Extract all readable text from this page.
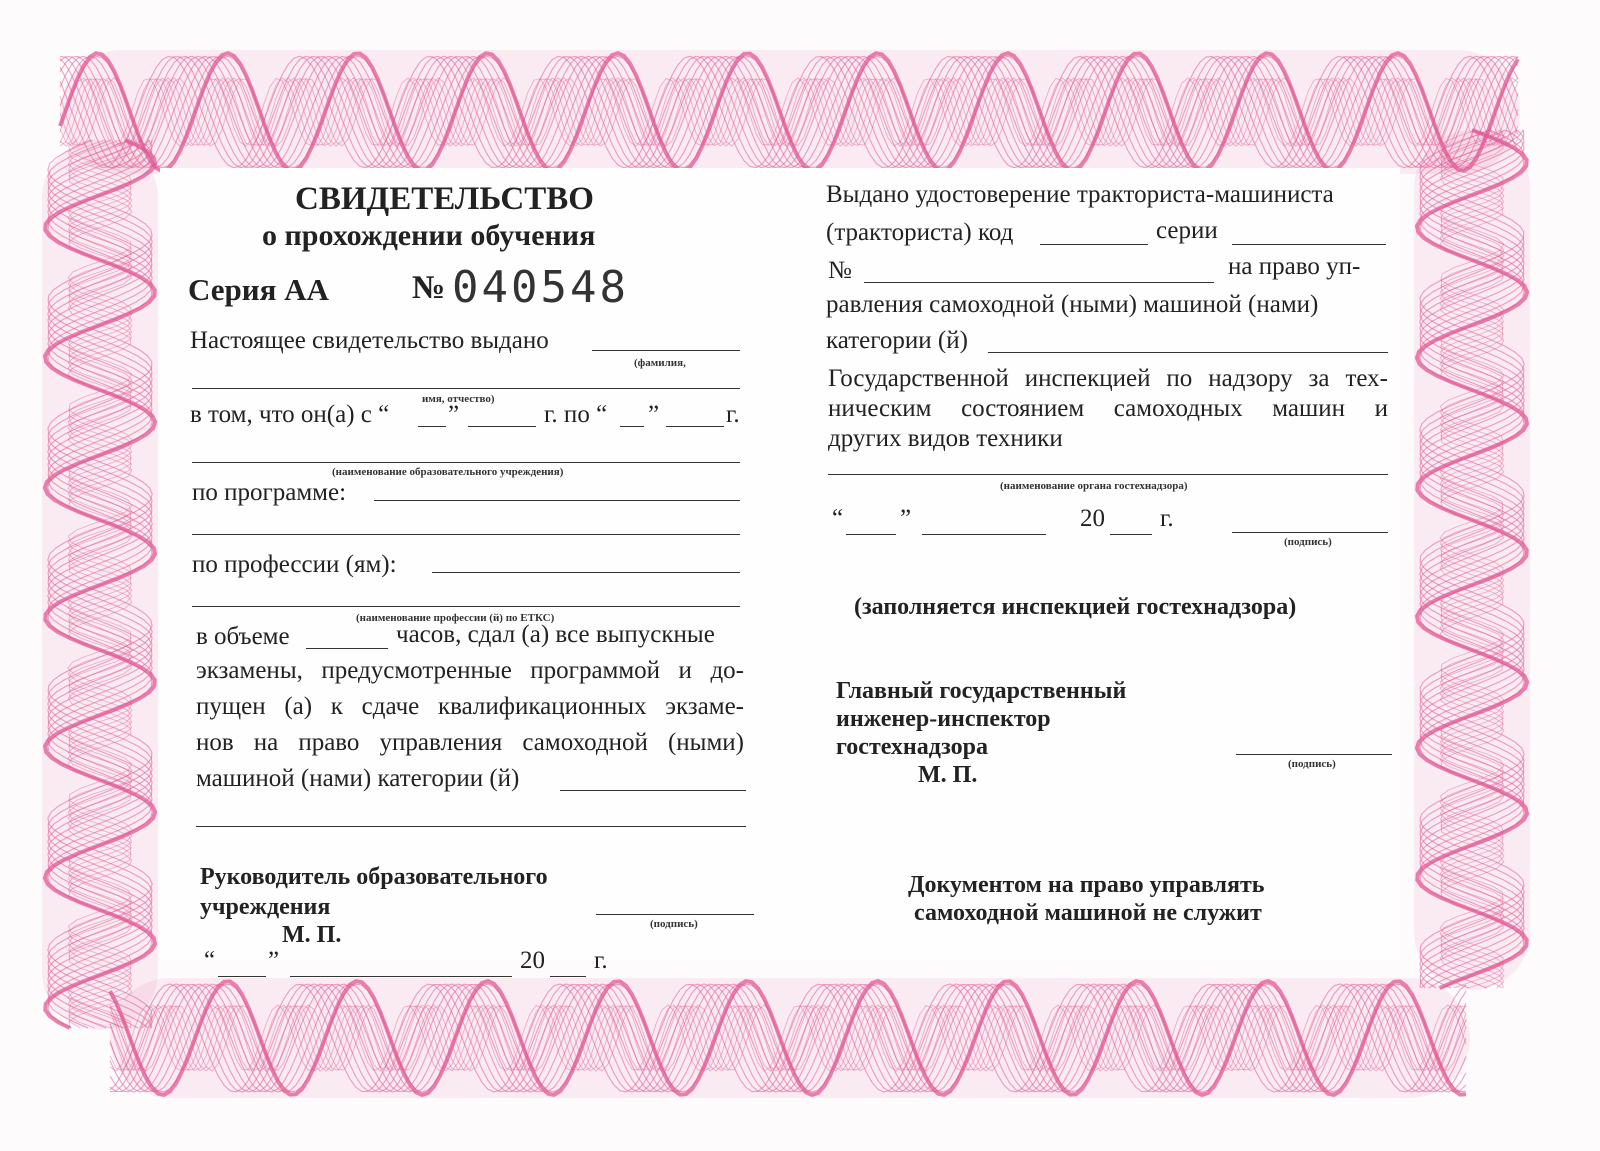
СВИДЕТЕЛЬСТВО
о прохождении обучения
Серия АА	№ 040548
Настоящее свидетельство выдано
(фамилия,
имя, отчество)
в том, что он(а) с “ ”	г. по “ ”	г.
(наименование образовательного учреждения)
по программе:
по профессии (ям):
(наименование профессии (й) по ЕТКС)
в объеме	часов, сдал (а) все выпускные
экзамены, предусмотренные программой и до-
пущен (а) к сдаче квалификационных экзаме-
нов на право управления самоходной (ными)
машиной (нами) категории (й)
Руководитель образовательного
учреждения
М. П.	(подпись)
“ ”	20 г.
Выдано удостоверение тракториста-машиниста
(тракториста) код	серии
№	на право уп-
равления самоходной (ными) машиной (нами)
категории (й)
Государственной инспекцией по надзору за тех-
ническим состоянием самоходных машин и
других видов техники
(наименование органа гостехнадзора)
“ ”	20 г.
(подпись)
(заполняется инспекцией гостехнадзора)
Главный государственный
инженер-инспектор
гостехнадзора
М. П.	(подпись)
Документом на право управлять
самоходной машиной не служит
